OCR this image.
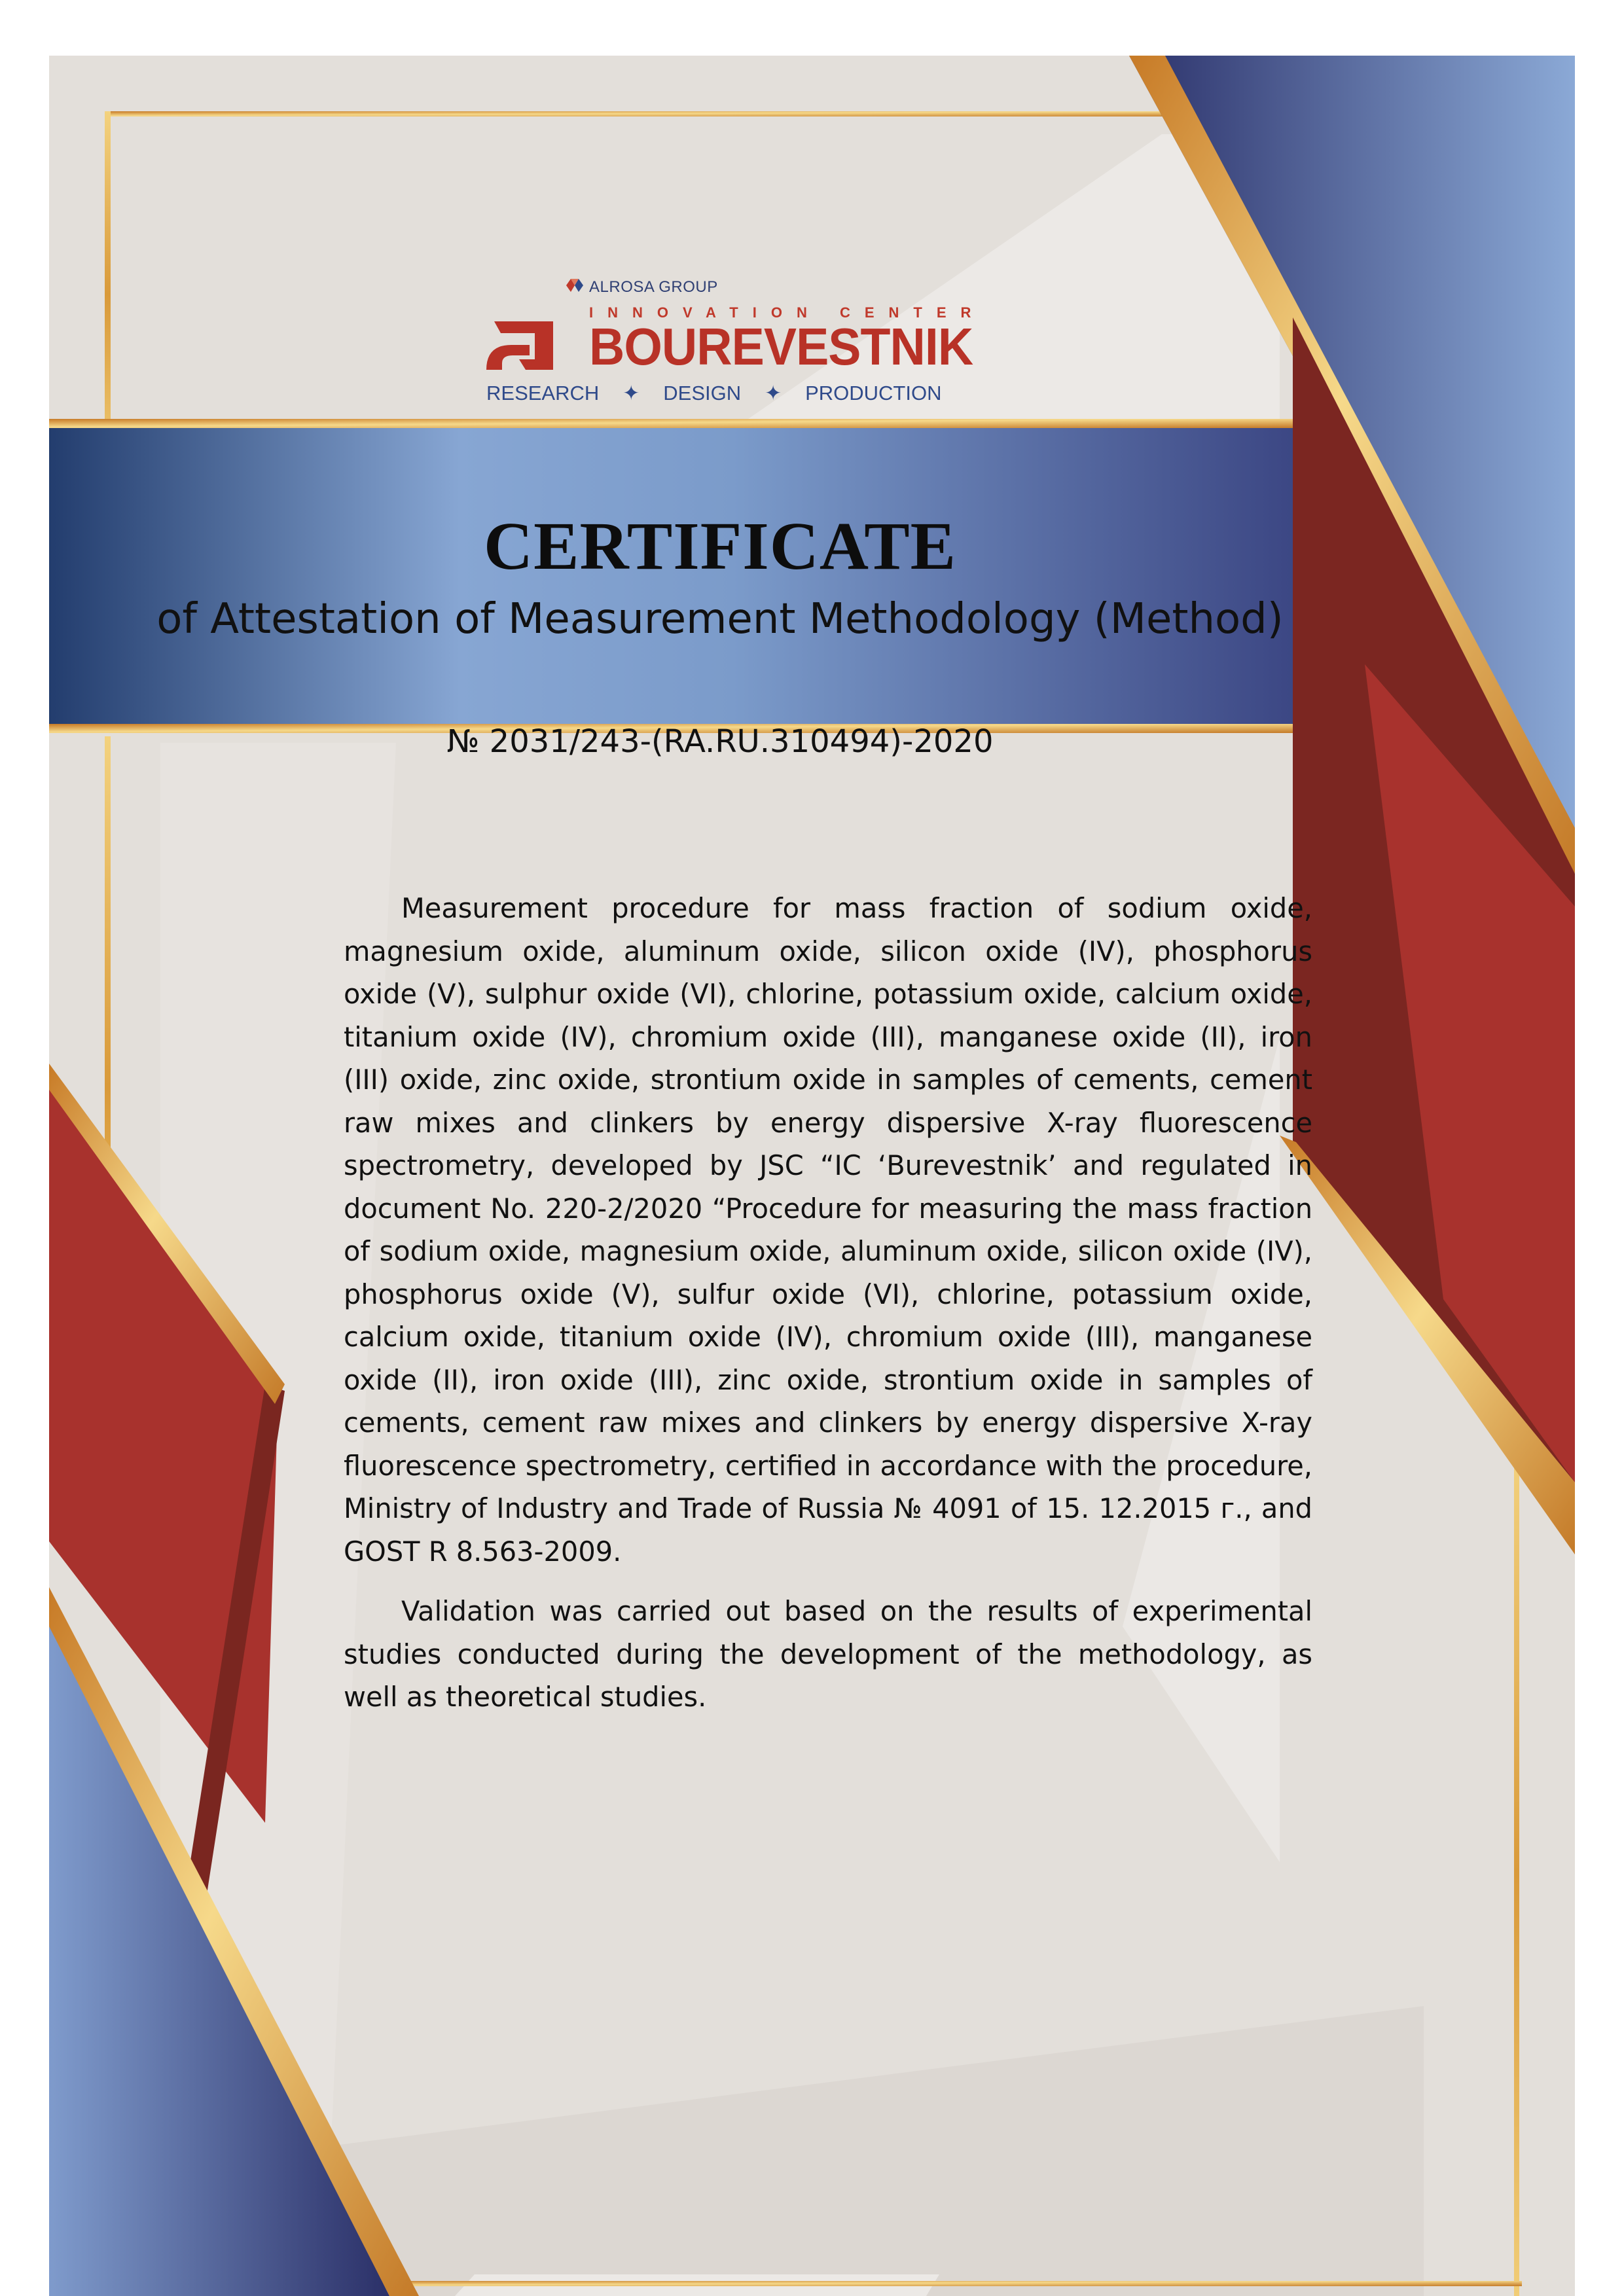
ALROSA GROUP
INNOVATION CENTER
BOUREVESTNIK
RESEARCH ✦ DESIGN ✦ PRODUCTION
CERTIFICATE
of Attestation of Measurement Methodology (Method)
№ 2031/243-(RA.RU.310494)-2020

Measurement procedure for mass fraction of sodium oxide, magnesium oxide, aluminum oxide, silicon oxide (IV), phosphorus oxide (V), sulphur oxide (VI), chlorine, potassium oxide, calcium oxide, titanium oxide (IV), chromium oxide (III), manganese oxide (II), iron (III) oxide, zinc oxide, strontium oxide in samples of cements, cement raw mixes and clinkers by energy dispersive X-ray fluorescence spectrometry, developed by JSC “IC ‘Burevestnik’ and regulated in document No. 220-2/2020 “Procedure for measuring the mass fraction of sodium oxide, magnesium oxide, aluminum oxide, silicon oxide (IV), phosphorus oxide (V), sulfur oxide (VI), chlorine, potassium oxide, calcium oxide, titanium oxide (IV), chromium oxide (III), manganese oxide (II), iron oxide (III), zinc oxide, strontium oxide in samples of cements, cement raw mixes and clinkers by energy dispersive X-ray fluorescence spectrometry, certified in accordance with the procedure, Ministry of Industry and Trade of Russia № 4091 of 15. 12.2015 г., and GOST R 8.563-2009.

Validation was carried out based on the results of experimental studies conducted during the development of the methodology, as well as theoretical studies.
